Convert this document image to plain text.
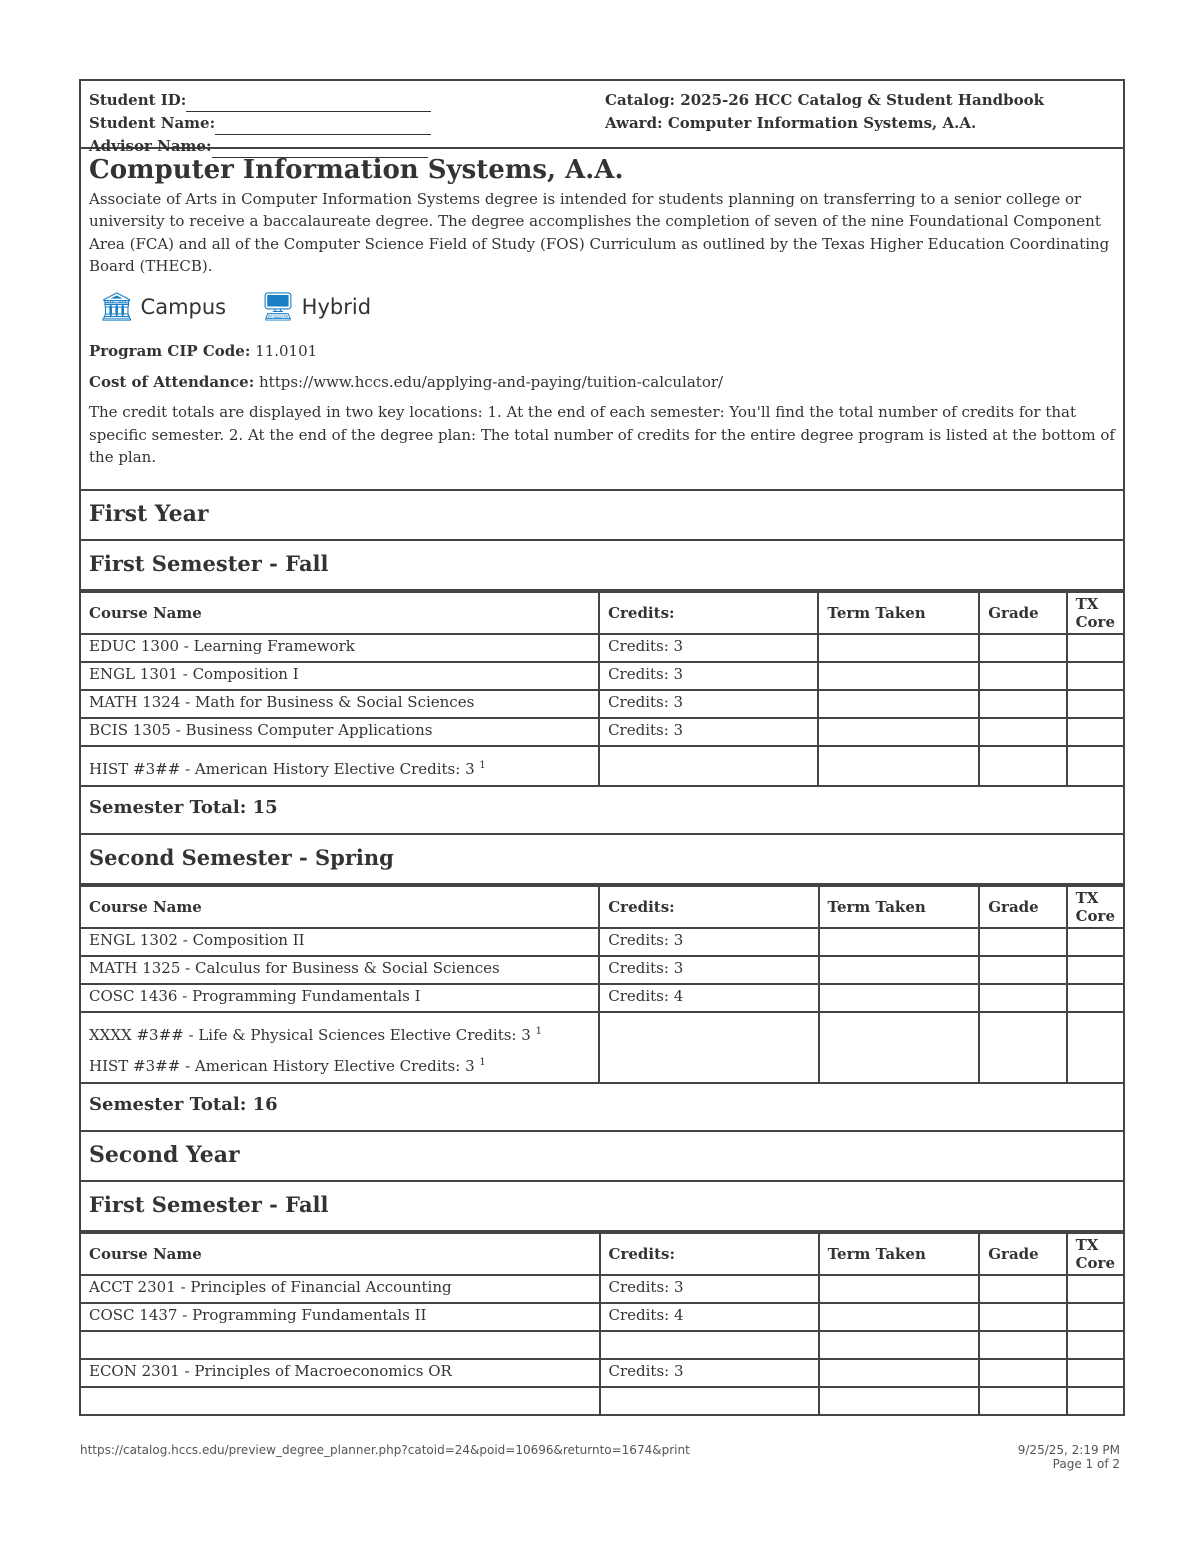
Student ID:
Student Name:
Advisor Name:
Catalog: 2025-26 HCC Catalog & Student Handbook
Award: Computer Information Systems, A.A.
Computer Information Systems, A.A.

Associate of Arts in Computer Information Systems degree is intended for students planning on transferring to a senior college or university to receive a baccalaureate degree. The degree accomplishes the completion of seven of the nine Foundational Component Area (FCA) and all of the Computer Science Field of Study (FOS) Curriculum as outlined by the Texas Higher Education Coordinating Board (THECB).

🏛 Campus 🖥 Hybrid

Program CIP Code: 11.0101

Cost of Attendance: https://www.hccs.edu/applying-and-paying/tuition-calculator/

The credit totals are displayed in two key locations: 1. At the end of each semester: You'll find the total number of credits for that specific semester. 2. At the end of the degree plan: The total number of credits for the entire degree program is listed at the bottom of the plan.

First Year
First Semester - Fall
Course Name	Credits:	Term Taken	Grade	TX Core
EDUC 1300 - Learning Framework	Credits: 3			
ENGL 1301 - Composition I	Credits: 3			
MATH 1324 - Math for Business & Social Sciences	Credits: 3			
BCIS 1305 - Business Computer Applications	Credits: 3			

HIST #3## - American History Elective Credits: 3 $^1$

Semester Total: 15
Second Semester - Spring
Course Name	Credits:	Term Taken	Grade	TX Core
ENGL 1302 - Composition II	Credits: 3			
MATH 1325 - Calculus for Business & Social Sciences	Credits: 3			
COSC 1436 - Programming Fundamentals I	Credits: 4			

XXXX #3## - Life & Physical Sciences Elective Credits: 3 $^1$
HIST #3## - American History Elective Credits: 3 $^1$

Semester Total: 16
Second Year
First Semester - Fall
Course Name	Credits:	Term Taken	Grade	TX Core
ACCT 2301 - Principles of Financial Accounting	Credits: 3			
COSC 1437 - Programming Fundamentals II	Credits: 4			

ECON 2301 - Principles of Macroeconomics OR	Credits: 3			

https://catalog.hccs.edu/preview_degree_planner.php?catoid=24&poid=10696&returnto=1674&print	9/25/25, 2:19 PM
Page 1 of 2
